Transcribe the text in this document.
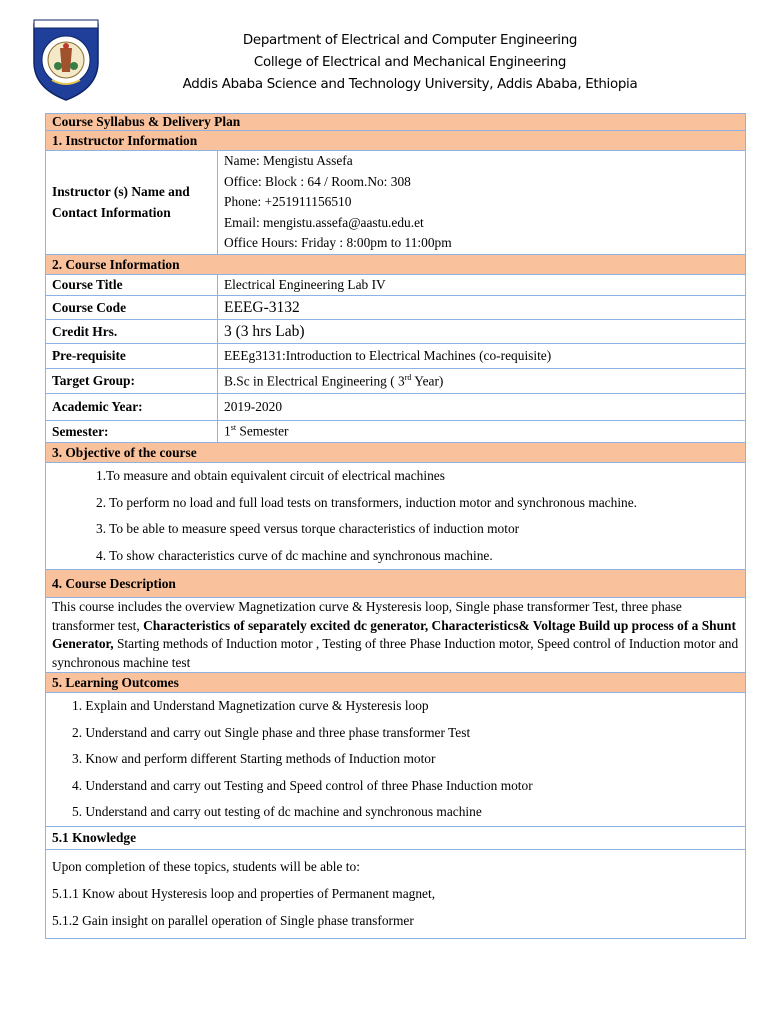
Department of Electrical and Computer Engineering
College of Electrical and Mechanical Engineering
Addis Ababa Science and Technology University, Addis Ababa, Ethiopia
Course Syllabus & Delivery Plan	
1. Instructor Information	
Instructor (s) Name and Contact Information	Name: Mengistu Assefa
Office: Block : 64 / Room.No: 308
Phone: +251911156510
Email: mengistu.assefa@aastu.edu.et
Office Hours: Friday : 8:00pm to 11:00pm

2. Course Information	
Course Title	Electrical Engineering Lab IV
Course Code	EEEG-3132
Credit Hrs.	3 (3 hrs Lab)
Pre-requisite	EEEg3131:Introduction to Electrical Machines (co-requisite)
Target Group:	B.Sc in Electrical Engineering ( 3rd Year)
Academic Year:	2019-2020
Semester:	1st Semester
3. Objective of the course	

1.To measure and obtain equivalent circuit of electrical machines

2. To perform no load and full load tests on transformers, induction motor and synchronous machine.

3. To be able to measure speed versus torque characteristics of induction motor

4. To show characteristics curve of dc machine and synchronous machine.	

4. Course Description	
This course includes the overview Magnetization curve & Hysteresis loop, Single phase transformer Test, three phase transformer test, Characteristics of separately excited dc generator, Characteristics& Voltage Build up process of a Shunt Generator, Starting methods of Induction motor , Testing of three Phase Induction motor, Speed control of Induction motor and synchronous machine test	
5. Learning Outcomes	

1. Explain and Understand Magnetization curve & Hysteresis loop

2. Understand and carry out Single phase and three phase transformer Test

3. Know and perform different Starting methods of Induction motor

4. Understand and carry out Testing and Speed control of three Phase Induction motor

5. Understand and carry out testing of dc machine and synchronous machine	

5.1 Knowledge	

Upon completion of these topics, students will be able to:
5.1.1 Know about Hysteresis loop and properties of Permanent magnet,
5.1.2 Gain insight on parallel operation of Single phase transformer	
